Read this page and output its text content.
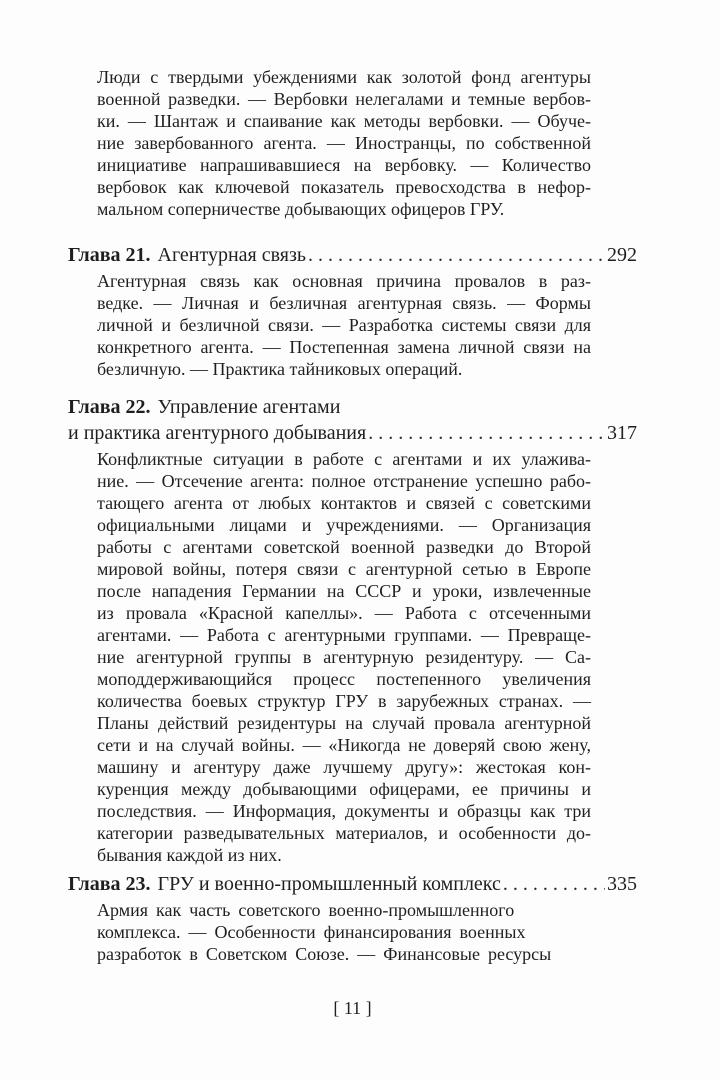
Люди с твердыми убеждениями как золотой фонд агентуры
военной разведки. — Вербовки нелегалами и темные вербов-
ки. — Шантаж и спаивание как методы вербовки. — Обуче-
ние завербованного агента. — Иностранцы, по собственной
инициативе напрашивавшиеся на вербовку. — Количество
вербовок как ключевой показатель превосходства в нефор-
мальном соперничестве добывающих офицеров ГРУ.
Глава 21. Агентурная связь . . .	292
Агентурная связь как основная причина провалов в раз-
ведке. — Личная и безличная агентурная связь. — Формы
личной и безличной связи. — Разработка системы связи для
конкретного агента. — Постепенная замена личной связи на
безличную. — Практика тайниковых операций.
Глава 22. Управление агентами
и практика агентурного добывания . . .	317
Конфликтные ситуации в работе с агентами и их улажива-
ние. — Отсечение агента: полное отстранение успешно рабо-
тающего агента от любых контактов и связей с советскими
официальными лицами и учреждениями. — Организация
работы с агентами советской военной разведки до Второй
мировой войны, потеря связи с агентурной сетью в Европе
после нападения Германии на СССР и уроки, извлеченные
из провала «Красной капеллы». — Работа с отсеченными
агентами. — Работа с агентурными группами. — Превраще-
ние агентурной группы в агентурную резидентуру. — Са-
моподдерживающийся процесс постепенного увеличения
количества боевых структур ГРУ в зарубежных странах. —
Планы действий резидентуры на случай провала агентурной
сети и на случай войны. — «Никогда не доверяй свою жену,
машину и агентуру даже лучшему другу»: жестокая кон-
куренция между добывающими офицерами, ее причины и
последствия. — Информация, документы и образцы как три
категории разведывательных материалов, и особенности до-
бывания каждой из них.
Глава 23. ГРУ и военно-промышленный комплекс . . .	335
Армия как часть советского военно-промышленного
комплекса. — Особенности финансирования военных
разработок в Советском Союзе. — Финансовые ресурсы
[ 11 ]
